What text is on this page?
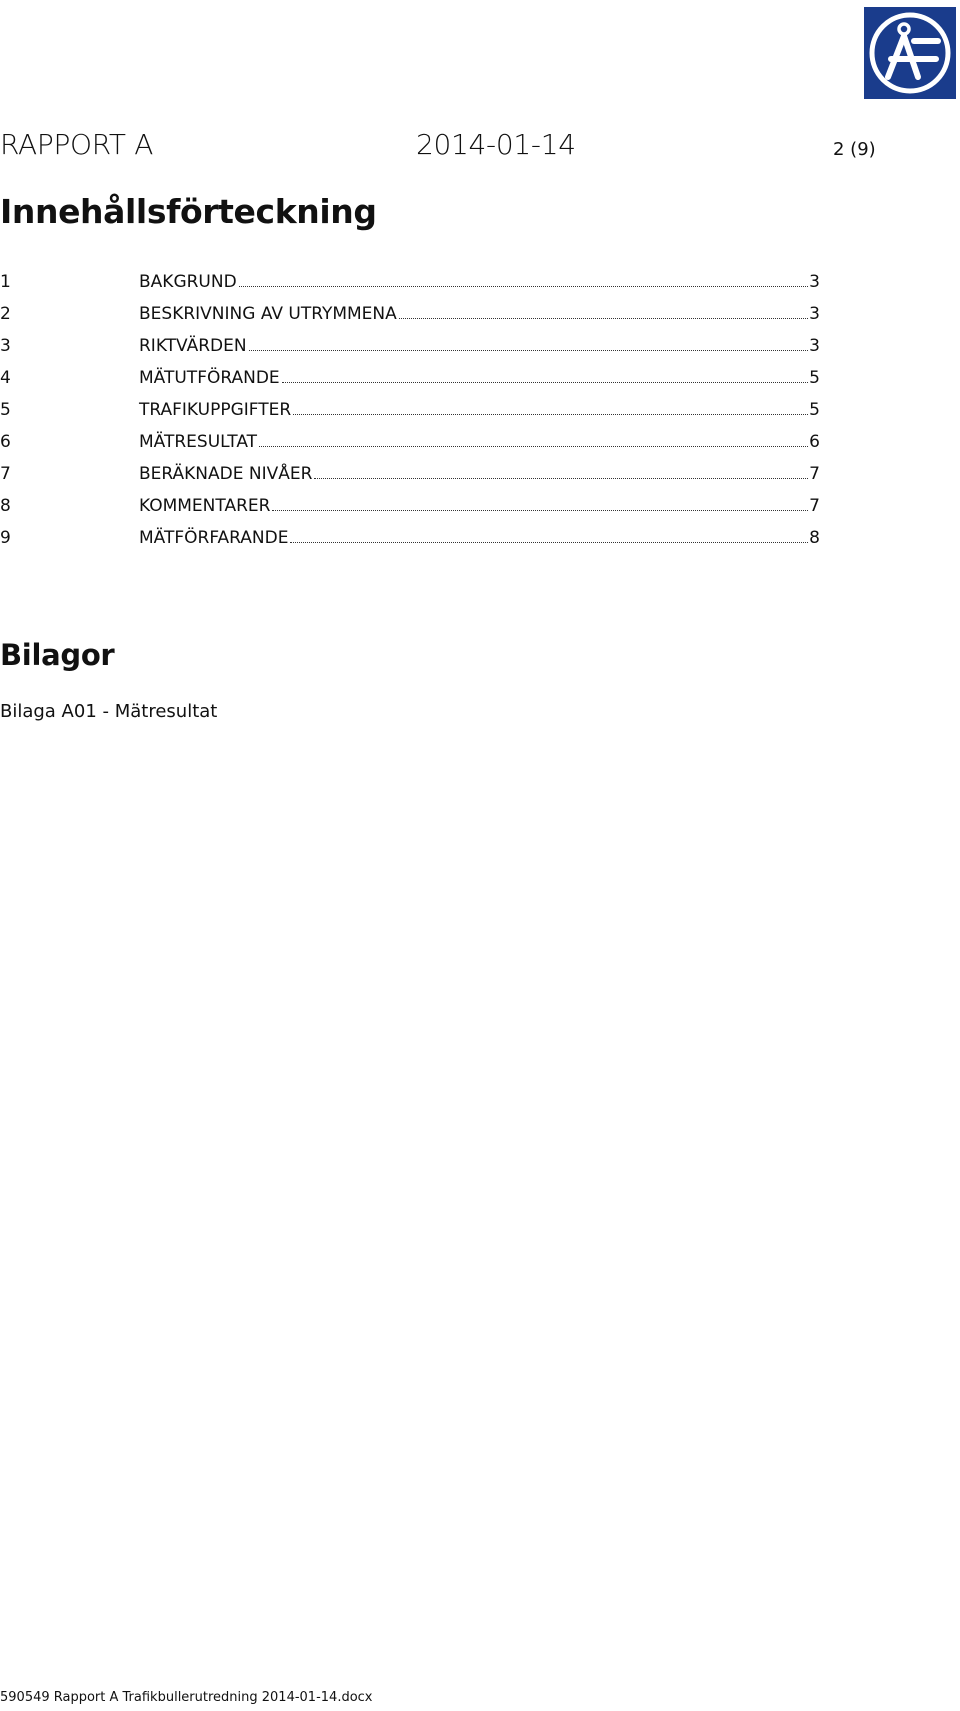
RAPPORT A	2014-01-14	2 (9)
Innehållsförteckning
1	BAKGRUND	3
2	BESKRIVNING AV UTRYMMENA	3
3	RIKTVÄRDEN	3
4	MÄTUTFÖRANDE	5
5	TRAFIKUPPGIFTER	5
6	MÄTRESULTAT	6
7	BERÄKNADE NIVÅER	7
8	KOMMENTARER	7
9	MÄTFÖRFARANDE	8
Bilagor
Bilaga A01 - Mätresultat
590549 Rapport A Trafikbullerutredning 2014-01-14.docx
